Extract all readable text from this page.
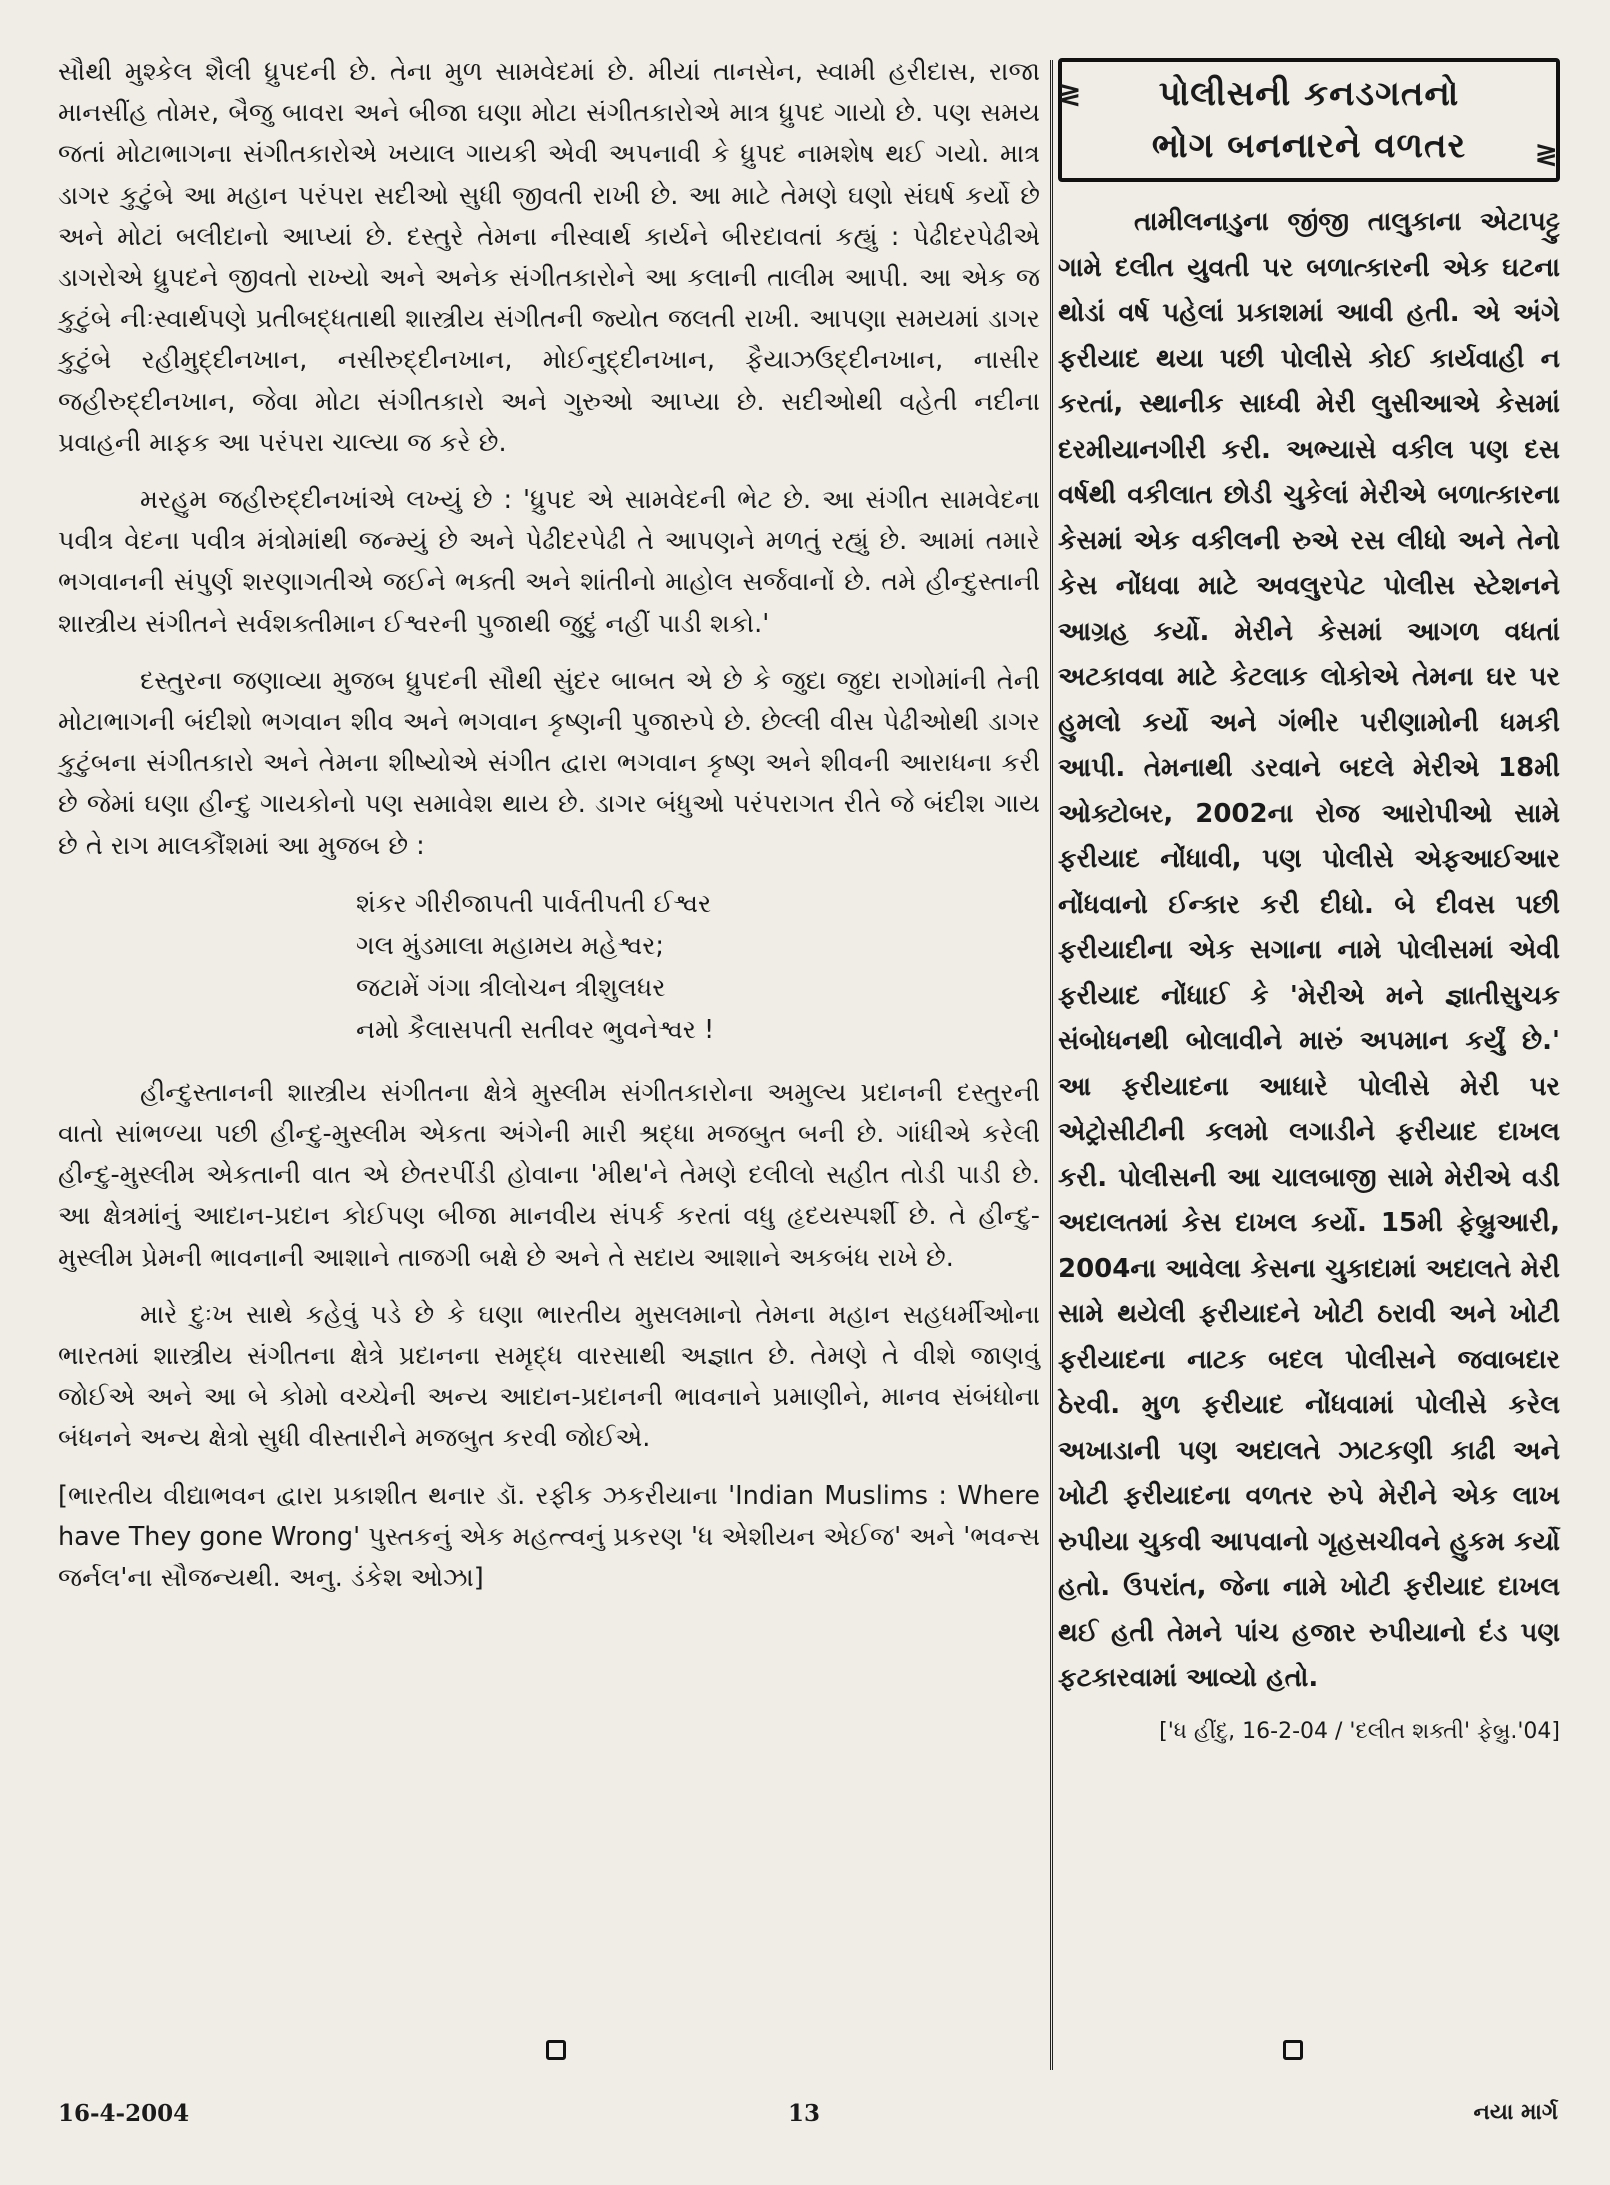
સૌથી મુશ્કેલ શૈલી ધ્રુપદની છે. તેના મુળ સામવેદમાં છે. મીયાં તાનસેન, સ્વામી હરીદાસ, રાજા માનસીંહ તોમર, બૈજુ બાવરા અને બીજા ઘણા મોટા સંગીતકારોએ માત્ર ધ્રુપદ ગાયો છે. પણ સમય જતાં મોટાભાગના સંગીતકારોએ ખયાલ ગાયકી એવી અપનાવી કે ધ્રુપદ નામશેષ થઈ ગયો. માત્ર ડાગર કુટુંબે આ મહાન પરંપરા સદીઓ સુધી જીવતી રાખી છે. આ માટે તેમણે ઘણો સંઘર્ષ કર્યો છે અને મોટાં બલીદાનો આપ્યાં છે. દસ્તુરે તેમના નીસ્વાર્થ કાર્યને બીરદાવતાં કહ્યું : પેઢીદરપેઢીએ ડાગરોએ ધ્રુપદને જીવતો રાખ્યો અને અનેક સંગીતકારોને આ કલાની તાલીમ આપી. આ એક જ કુટુંબે નીઃસ્વાર્થપણે પ્રતીબદ્ધતાથી શાસ્ત્રીય સંગીતની જ્યોત જલતી રાખી. આપણા સમયમાં ડાગર કુટુંબે રહીમુદ્દીનખાન, નસીરુદ્દીનખાન, મોઈનુદ્દીનખાન, ફૈયાઝઉદ્દીનખાન, નાસીર જહીરુદ્દીનખાન, જેવા મોટા સંગીતકારો અને ગુરુઓ આપ્યા છે. સદીઓથી વહેતી નદીના પ્રવાહની માફક આ પરંપરા ચાલ્યા જ કરે છે.

મરહુમ જહીરુદ્દીનખાંએ લખ્યું છે : 'ધ્રુપદ એ સામવેદની ભેટ છે. આ સંગીત સામવેદના પવીત્ર વેદના પવીત્ર મંત્રોમાંથી જન્મ્યું છે અને પેઢીદરપેઢી તે આપણને મળતું રહ્યું છે. આમાં તમારે ભગવાનની સંપુર્ણ શરણાગતીએ જઈને ભક્તી અને શાંતીનો માહોલ સર્જવાનોં છે. તમે હીન્દુસ્તાની શાસ્ત્રીય સંગીતને સર્વશક્તીમાન ઈશ્વરની પુજાથી જુદું નહીં પાડી શકો.'

દસ્તુરના જણાવ્યા મુજબ ધ્રુપદની સૌથી સુંદર બાબત એ છે કે જુદા જુદા રાગોમાંની તેની મોટાભાગની બંદીશો ભગવાન શીવ અને ભગવાન કૃષ્ણની પુજારુપે છે. છેલ્લી વીસ પેઢીઓથી ડાગર કુટુંબના સંગીતકારો અને તેમના શીષ્યોએ સંગીત દ્વારા ભગવાન કૃષ્ણ અને શીવની આરાધના કરી છે જેમાં ઘણા હીન્દુ ગાયકોનો પણ સમાવેશ થાય છે. ડાગર બંધુઓ પરંપરાગત રીતે જે બંદીશ ગાય છે તે રાગ માલકૌંશમાં આ મુજબ છે :

શંકર ગીરીજાપતી પાર્વતીપતી ઈશ્વર
ગલ મુંડમાલા મહામય મહેશ્વર;
જટામેં ગંગા ત્રીલોચન ત્રીશુલધર
નમો કૈલાસપતી સતીવર ભુવનેશ્વર !

હીન્દુસ્તાનની શાસ્ત્રીય સંગીતના ક્ષેત્રે મુસ્લીમ સંગીતકારોના અમુલ્ય પ્રદાનની દસ્તુરની વાતો સાંભળ્યા પછી હીન્દુ-મુસ્લીમ એકતા અંગેની મારી શ્રદ્ધા મજબુત બની છે. ગાંધીએ કરેલી હીન્દુ-મુસ્લીમ એકતાની વાત એ છેતરપીંડી હોવાના 'મીથ'ને તેમણે દલીલો સહીત તોડી પાડી છે. આ ક્ષેત્રમાંનું આદાન-પ્રદાન કોઈપણ બીજા માનવીય સંપર્ક કરતાં વધુ હૃદયસ્પર્શી છે. તે હીન્દુ-મુસ્લીમ પ્રેમની ભાવનાની આશાને તાજગી બક્ષે છે અને તે સદાય આશાને અકબંધ રાખે છે.

મારે દુઃખ સાથે કહેવું પડે છે કે ઘણા ભારતીય મુસલમાનો તેમના મહાન સહધર્મીઓના ભારતમાં શાસ્ત્રીય સંગીતના ક્ષેત્રે પ્રદાનના સમૃદ્ધ વારસાથી અજ્ઞાત છે. તેમણે તે વીશે જાણવું જોઈએ અને આ બે કોમો વચ્ચેની અન્ય આદાન-પ્રદાનની ભાવનાને પ્રમાણીને, માનવ સંબંધોના બંધનને અન્ય ક્ષેત્રો સુધી વીસ્તારીને મજબુત કરવી જોઈએ.

[ભારતીય વીદ્યાભવન દ્વારા પ્રકાશીત થનાર ડૉ. રફીક ઝકરીયાના 'Indian Muslims : Where have They gone Wrong' પુસ્તકનું એક મહત્ત્વનું પ્રકરણ 'ધ એશીયન એઈજ' અને 'ભવન્સ જર્નલ'ના સૌજન્યથી. અનુ. ડંકેશ ઓઝા]
≷	પોલીસની કનડગતનો
ભોગ બનનારને વળતર	≷

તામીલનાડુના જીંજી તાલુકાના એટાપટ્ટુ ગામે દલીત યુવતી પર બળાત્કારની એક ઘટના થોડાં વર્ષ પહેલાં પ્રકાશમાં આવી હતી. એ અંગે ફરીયાદ થયા પછી પોલીસે કોઈ કાર્યવાહી ન કરતાં, સ્થાનીક સાધ્વી મેરી લુસીઆએ કેસમાં દરમીયાનગીરી કરી. અભ્યાસે વકીલ પણ દસ વર્ષથી વકીલાત છોડી ચુકેલાં મેરીએ બળાત્કારના કેસમાં એક વકીલની રુએ રસ લીધો અને તેનો કેસ નોંધવા માટે અવલુરપેટ પોલીસ સ્ટેશનને આગ્રહ કર્યો. મેરીને કેસમાં આગળ વધતાં અટકાવવા માટે કેટલાક લોકોએ તેમના ઘર પર હુમલો કર્યો અને ગંભીર પરીણામોની ધમકી આપી. તેમનાથી ડરવાને બદલે મેરીએ 18મી ઓક્ટોબર, 2002ના રોજ આરોપીઓ સામે ફરીયાદ નોંધાવી, પણ પોલીસે એફઆઈઆર નોંધવાનો ઈન્કાર કરી દીધો. બે દીવસ પછી ફરીયાદીના એક સગાના નામે પોલીસમાં એવી ફરીયાદ નોંધાઈ કે 'મેરીએ મને જ્ઞાતીસુચક સંબોધનથી બોલાવીને મારું અપમાન કર્યું છે.' આ ફરીયાદના આધારે પોલીસે મેરી પર એટ્રોસીટીની કલમો લગાડીને ફરીયાદ દાખલ કરી. પોલીસની આ ચાલબાજી સામે મેરીએ વડી અદાલતમાં કેસ દાખલ કર્યો. 15મી ફેબ્રુઆરી, 2004ના આવેલા કેસના ચુકાદામાં અદાલતે મેરી સામે થયેલી ફરીયાદને ખોટી ઠરાવી અને ખોટી ફરીયાદના નાટક બદલ પોલીસને જવાબદાર ઠેરવી. મુળ ફરીયાદ નોંધવામાં પોલીસે કરેલ અખાડાની પણ અદાલતે ઝાટકણી કાઢી અને ખોટી ફરીયાદના વળતર રુપે મેરીને એક લાખ રુપીયા ચુકવી આપવાનો ગૃહસચીવને હુકમ કર્યો હતો. ઉપરાંત, જેના નામે ખોટી ફરીયાદ દાખલ થઈ હતી તેમને પાંચ હજાર રુપીયાનો દંડ પણ ફટકારવામાં આવ્યો હતો.

['ધ હીંદુ, 16-2-04 / 'દલીત શક્તી' ફેબ્રુ.'04]
16-4-2004	13	નયા માર્ગ
